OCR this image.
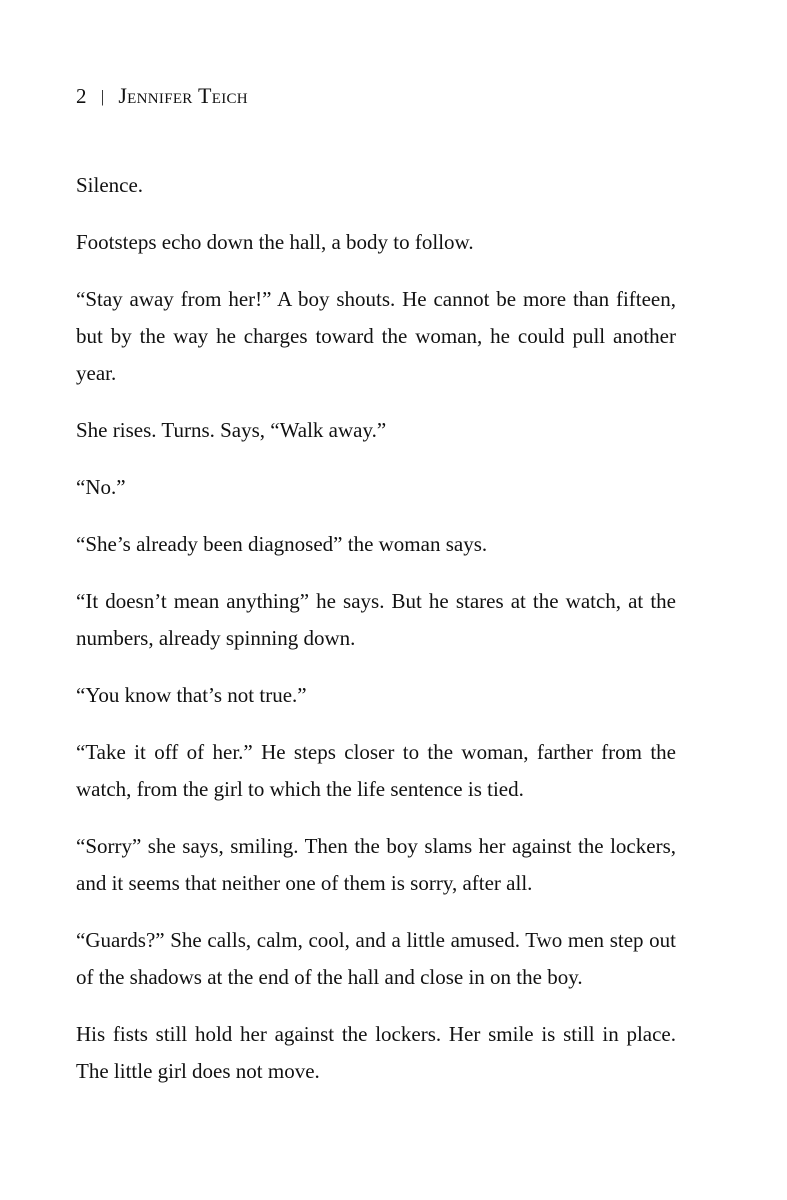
2 | Jennifer Teich

Silence.

Footsteps echo down the hall, a body to follow.

“Stay away from her!” A boy shouts. He cannot be more than fifteen, but by the way he charges toward the woman, he could pull another year.

She rises. Turns. Says, “Walk away.”

“No.”

“She’s already been diagnosed” the woman says.

“It doesn’t mean anything” he says. But he stares at the watch, at the numbers, already spinning down.

“You know that’s not true.”

“Take it off of her.” He steps closer to the woman, farther from the watch, from the girl to which the life sentence is tied.

“Sorry” she says, smiling. Then the boy slams her against the lockers, and it seems that neither one of them is sorry, after all.

“Guards?” She calls, calm, cool, and a little amused. Two men step out of the shadows at the end of the hall and close in on the boy.

His fists still hold her against the lockers. Her smile is still in place. The little girl does not move.
